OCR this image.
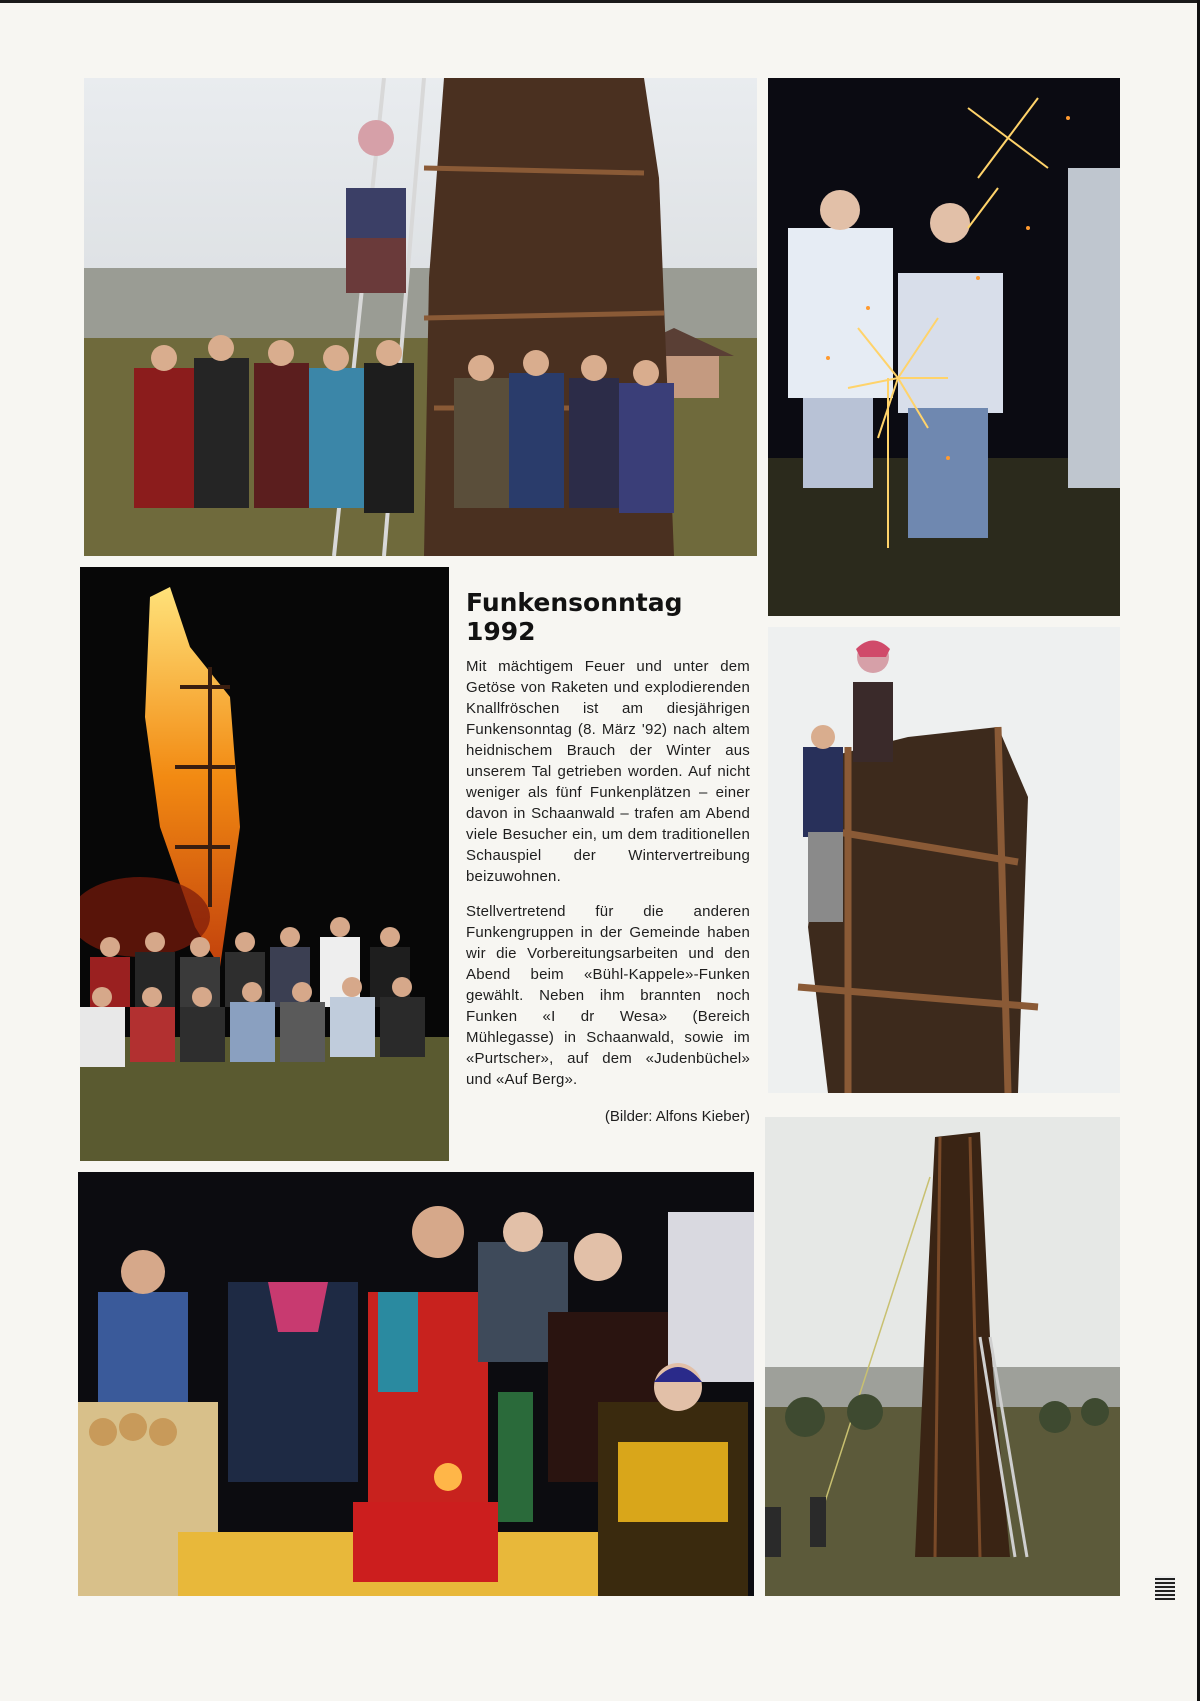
Funkensonntag 1992

Mit mächtigem Feuer und unter dem Getöse von Raketen und explodierenden Knallfröschen ist am diesjährigen Funkensonntag (8. März '92) nach altem heidnischem Brauch der Winter aus unserem Tal getrieben worden. Auf nicht weniger als fünf Funkenplätzen – einer davon in Schaanwald – trafen am Abend viele Besucher ein, um dem traditionellen Schauspiel der Wintervertreibung beizuwohnen.

Stellvertretend für die anderen Funkengruppen in der Gemeinde haben wir die Vorbereitungsarbeiten und den Abend beim «Bühl-Kappele»-Funken gewählt. Neben ihm brannten noch Funken «I dr Wesa» (Bereich Mühlegasse) in Schaanwald, sowie im «Purtscher», auf dem «Judenbüchel» und «Auf Berg».

(Bilder: Alfons Kieber)
